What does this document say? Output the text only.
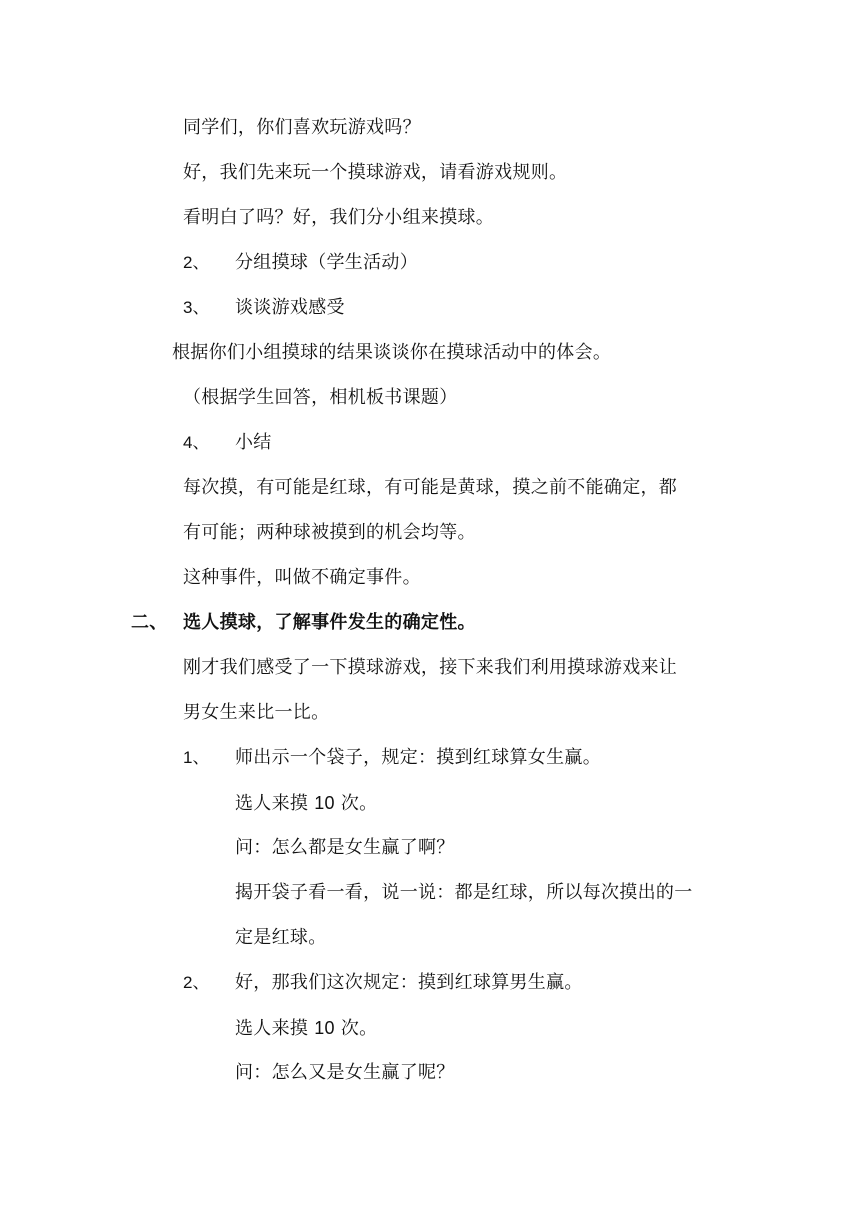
同学们，你们喜欢玩游戏吗？
好，我们先来玩一个摸球游戏，请看游戏规则。
看明白了吗？好，我们分小组来摸球。
2、 分组摸球（学生活动）
3、 谈谈游戏感受
根据你们小组摸球的结果谈谈你在摸球活动中的体会。
（根据学生回答，相机板书课题）
4、 小结
每次摸，有可能是红球，有可能是黄球，摸之前不能确定，都
有可能；两种球被摸到的机会均等。
这种事件，叫做不确定事件。
二、 选人摸球，了解事件发生的确定性。
刚才我们感受了一下摸球游戏，接下来我们利用摸球游戏来让
男女生来比一比。
1、 师出示一个袋子，规定：摸到红球算女生赢。
选人来摸 10 次。
问：怎么都是女生赢了啊？
揭开袋子看一看，说一说：都是红球，所以每次摸出的一
定是红球。
2、 好，那我们这次规定：摸到红球算男生赢。
选人来摸 10 次。
问：怎么又是女生赢了呢？
